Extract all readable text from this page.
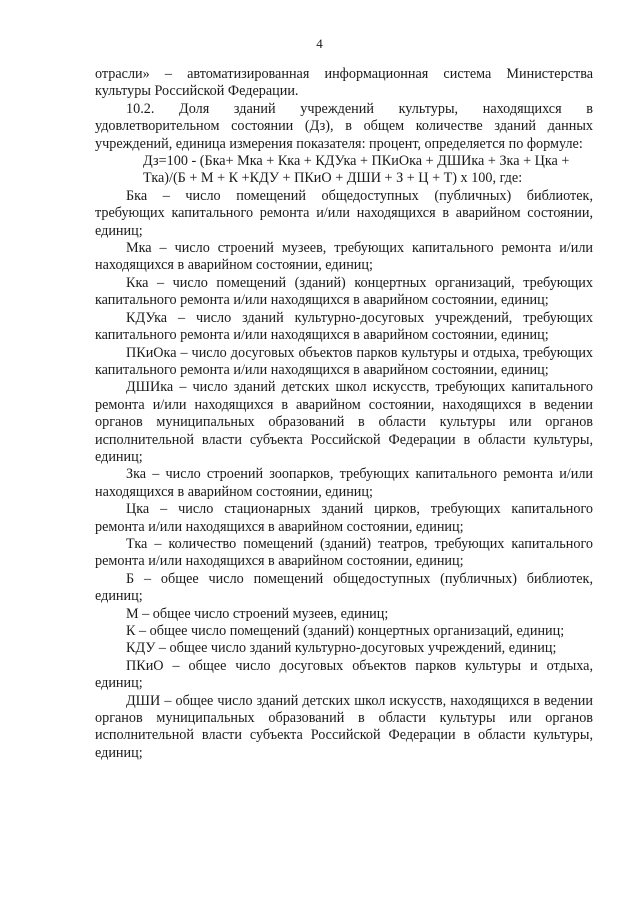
4

отрасли» – автоматизированная информационная система Министерства культуры Российской Федерации.

10.2. Доля зданий учреждений культуры, находящихся в удовлетворительном состоянии (Дз), в общем количестве зданий данных учреждений, единица измерения показателя: процент, определяется по формуле:

Дз=100 - (Бка+ Мка + Кка + КДУка + ПКиОка + ДШИка + Зка + Цка + Тка)/(Б + М + К +КДУ + ПКиО + ДШИ + З + Ц + Т) х 100, где:

Бка – число помещений общедоступных (публичных) библиотек, требующих капитального ремонта и/или находящихся в аварийном состоянии, единиц;

Мка – число строений музеев, требующих капитального ремонта и/или находящихся в аварийном состоянии, единиц;

Кка – число помещений (зданий) концертных организаций, требующих капитального ремонта и/или находящихся в аварийном состоянии, единиц;

КДУка – число зданий культурно-досуговых учреждений, требующих капитального ремонта и/или находящихся в аварийном состоянии, единиц;

ПКиОка – число досуговых объектов парков культуры и отдыха, требующих капитального ремонта и/или находящихся в аварийном состоянии, единиц;

ДШИка – число зданий детских школ искусств, требующих капитального ремонта и/или находящихся в аварийном состоянии, находящихся в ведении органов муниципальных образований в области культуры или органов исполнительной власти субъекта Российской Федерации в области культуры, единиц;

Зка – число строений зоопарков, требующих капитального ремонта и/или находящихся в аварийном состоянии, единиц;

Цка – число стационарных зданий цирков, требующих капитального ремонта и/или находящихся в аварийном состоянии, единиц;

Тка – количество помещений (зданий) театров, требующих капитального ремонта и/или находящихся в аварийном состоянии, единиц;

Б – общее число помещений общедоступных (публичных) библиотек, единиц;

М – общее число строений музеев, единиц;

К – общее число помещений (зданий) концертных организаций, единиц;

КДУ – общее число зданий культурно-досуговых учреждений, единиц;

ПКиО – общее число досуговых объектов парков культуры и отдыха, единиц;

ДШИ – общее число зданий детских школ искусств, находящихся в ведении органов муниципальных образований в области культуры или органов исполнительной власти субъекта Российской Федерации в области культуры, единиц;
